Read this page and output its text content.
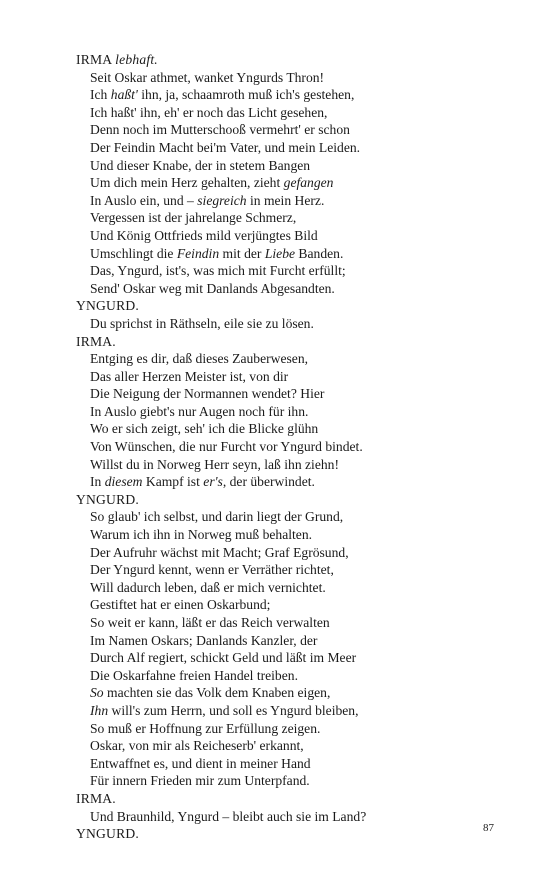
IRMA lebhaft.
Seit Oskar athmet, wanket Yngurds Thron!
Ich haßt' ihn, ja, schaamroth muß ich's gestehen,
Ich haßt' ihn, eh' er noch das Licht gesehen,
Denn noch im Mutterschooß vermehrt' er schon
Der Feindin Macht bei'm Vater, und mein Leiden.
Und dieser Knabe, der in stetem Bangen
Um dich mein Herz gehalten, zieht gefangen
In Auslo ein, und – siegreich in mein Herz.
Vergessen ist der jahrelange Schmerz,
Und König Ottfrieds mild verjüngtes Bild
Umschlingt die Feindin mit der Liebe Banden.
Das, Yngurd, ist's, was mich mit Furcht erfüllt;
Send' Oskar weg mit Danlands Abgesandten.
YNGURD.
Du sprichst in Räthseln, eile sie zu lösen.
IRMA.
Entging es dir, daß dieses Zauberwesen,
Das aller Herzen Meister ist, von dir
Die Neigung der Normannen wendet? Hier
In Auslo giebt's nur Augen noch für ihn.
Wo er sich zeigt, seh' ich die Blicke glühn
Von Wünschen, die nur Furcht vor Yngurd bindet.
Willst du in Norweg Herr seyn, laß ihn ziehn!
In diesem Kampf ist er's, der überwindet.
YNGURD.
So glaub' ich selbst, und darin liegt der Grund,
Warum ich ihn in Norweg muß behalten.
Der Aufruhr wächst mit Macht; Graf Egrösund,
Der Yngurd kennt, wenn er Verräther richtet,
Will dadurch leben, daß er mich vernichtet.
Gestiftet hat er einen Oskarbund;
So weit er kann, läßt er das Reich verwalten
Im Namen Oskars; Danlands Kanzler, der
Durch Alf regiert, schickt Geld und läßt im Meer
Die Oskarfahne freien Handel treiben.
So machten sie das Volk dem Knaben eigen,
Ihn will's zum Herrn, und soll es Yngurd bleiben,
So muß er Hoffnung zur Erfüllung zeigen.
Oskar, von mir als Reicheserb' erkannt,
Entwaffnet es, und dient in meiner Hand
Für innern Frieden mir zum Unterpfand.
IRMA.
Und Braunhild, Yngurd – bleibt auch sie im Land?
YNGURD.	87
